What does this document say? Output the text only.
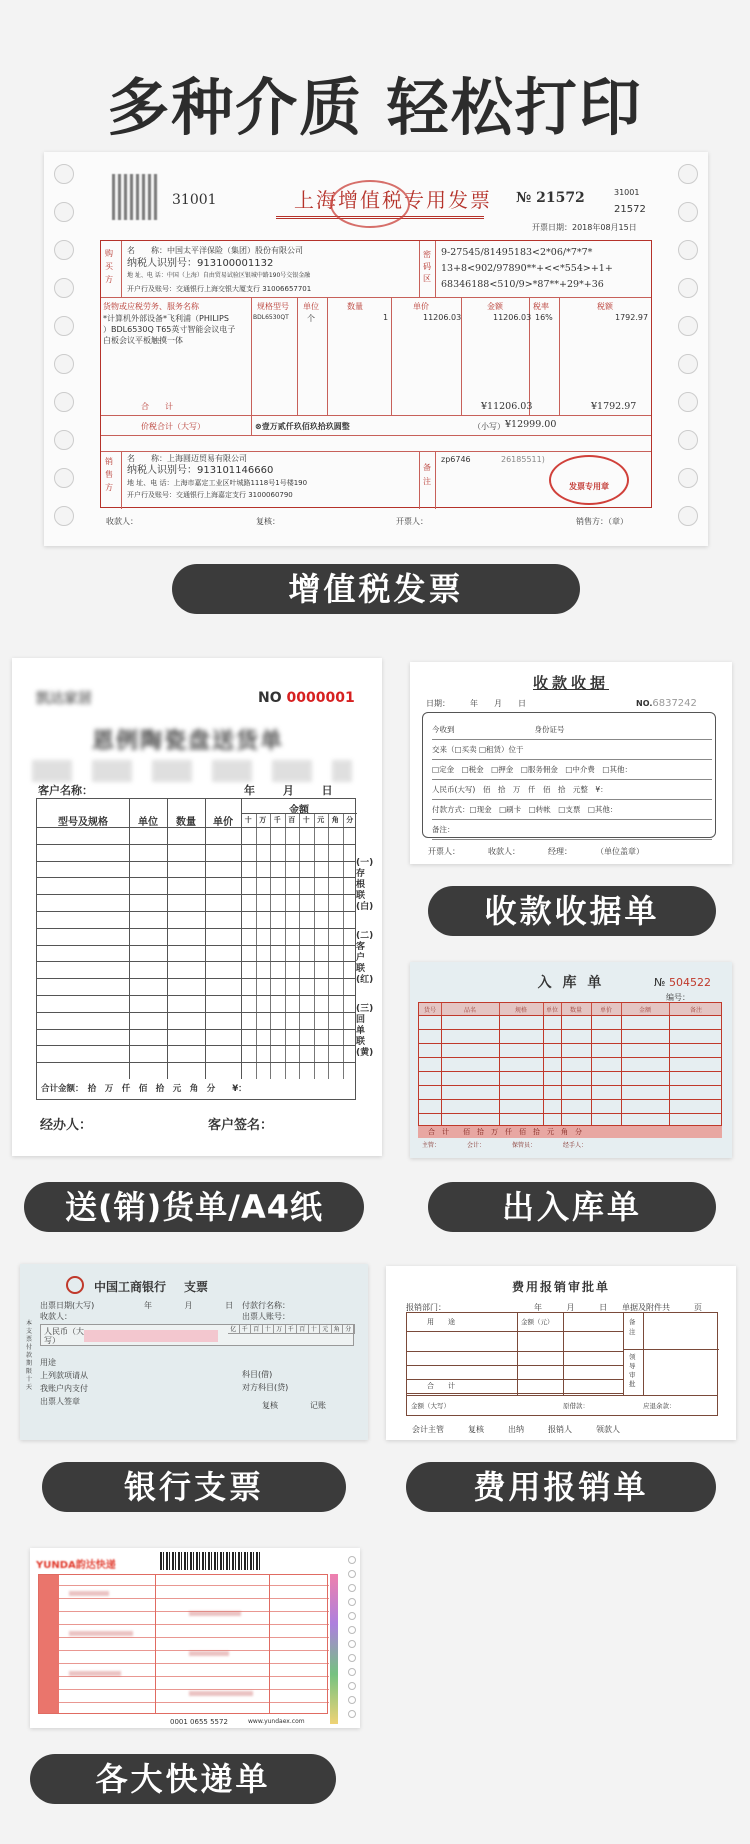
多种介质 轻松打印
31001	上海增值税专用发票 № 21572	31001
21572
开票日期：2018年08月15日
购买方
名　　称：中国太平洋保险（集团）股份有限公司
纳税人识别号：913100001132
地 址、电 话：中国（上海）自由贸易试验区银城中路190号交银金融
开户行及账号：交通银行上海交银大厦支行 31006657701
密码区
9-27545/81495183<2*06/*7*7*
13+8<902/97890**+<<*554>+1+
68346188<510/9>*87**+29*+36
货物或应税劳务、服务名称	规格型号 单位	数量	单价	金额	税率	税额
*计算机外部设备*飞利浦（PHILIPS
）BDL6530Q T65英寸智能会议电子
白板会议平板触摸一体
BDL6530QT 个	1	11206.03	11206.03 16%	1792.97
合　　计	¥11206.03	¥1792.97
价税合计（大写）	⊗壹万贰仟玖佰玖拾玖圆整	（小写） ¥12999.00
销售方
名　　称：上海圆迈贸易有限公司
纳税人识别号：913101146660
地 址、电 话：上海市嘉定工业区叶城路1118号1号楼190
开户行及账号：交通银行上海嘉定支行 3100060790
备注
zp6746	26185511)
发票专用章
收款人：	复核：	开票人：	销售方：（章）
增值税发票
凯达家居	NO 0000001
恩例陶瓷盘送货单
客户名称：	年 月 日
型号及规格	单位	数量	单价
金额
十	万	千	百	十	元	角	分
合计金额：　拾　万　仟　佰　拾　元　角　分　　¥：
(一)存根联(白)
(二)客户联(红)
(三)回单联(黄)
经办人：	客户签名：
送(销)货单/A4纸
收款收据
日期：　　　年　　月　　日	NO.6837242
今收到	身份证号
交来（□买卖 □租赁）位于
□定金　□税金　□押金　□服务佣金　□中介费　□其他：
人民币(大写)　佰　拾　万　仟　佰　拾　元整　¥：
付款方式：□现金　□刷卡　□转帐　□支票　□其他：
备注：
开票人：　　　　收款人：　　　　经理：　　　　（单位盖章）
收款收据单
入 库 单	№ 504522
编号：
货号	品名	规格	单位	数量	单价	金额	备注
合　计　　佰　拾　万　仟　佰　拾　元　角　分
主管：　　　　　会计：　　　　　保管员：　　　　　经手人：
出入库单
中国工商银行 支票
出票日期(大写)
收款人：
年 月 日 付款行名称：
出票人账号：
人民币（大写）
亿 千 百 十 万 千 百 十 元 角 分
本支票付款期限十天
用途
上列款项请从
我账户内支付
出票人签章
科目(借)
对方科目(贷)
复核	记账
银行支票
费用报销审批单
报销部门：	年 月 日 单据及附件共　　　	页
用　　途	金额（元）	备注
领导审批
合　　计
金额（大写）	原借款：	应退余款：
会计主管　　　复核　　　出纳　　　报销人　　　领款人
费用报销单
YUNDA韵达快递
0001 0655 5572	www.yundaex.com
各大快递单
